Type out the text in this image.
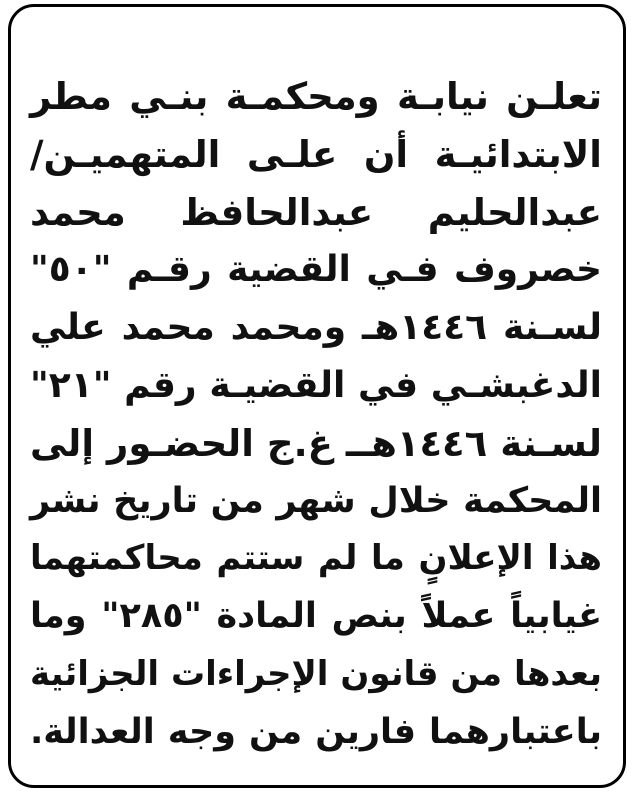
تعلـن نيابـة ومحكمـة بنـي مطر
الابتدائيـة أن علـى المتهميـن/
عبدالحليم عبدالحافظ محمد
خصروف فـي القضية رقـم "٥٠"
لسـنة ١٤٤٦هـ ومحمد محمد علي
الدغبشـي في القضيـة رقم "٢١"
لسـنة ١٤٤٦هــ غ.ج الحضـور إلى
المحكمة خلال شهر من تاريخ نشر
هذا الإعلانٍ ما لم ستتم محاكمتهما
غيابياً عملاً بنص المادة "٢٨٥" وما
بعدها من قانون الإجراءات الجزائية
باعتبارهما فارين من وجه العدالة.
